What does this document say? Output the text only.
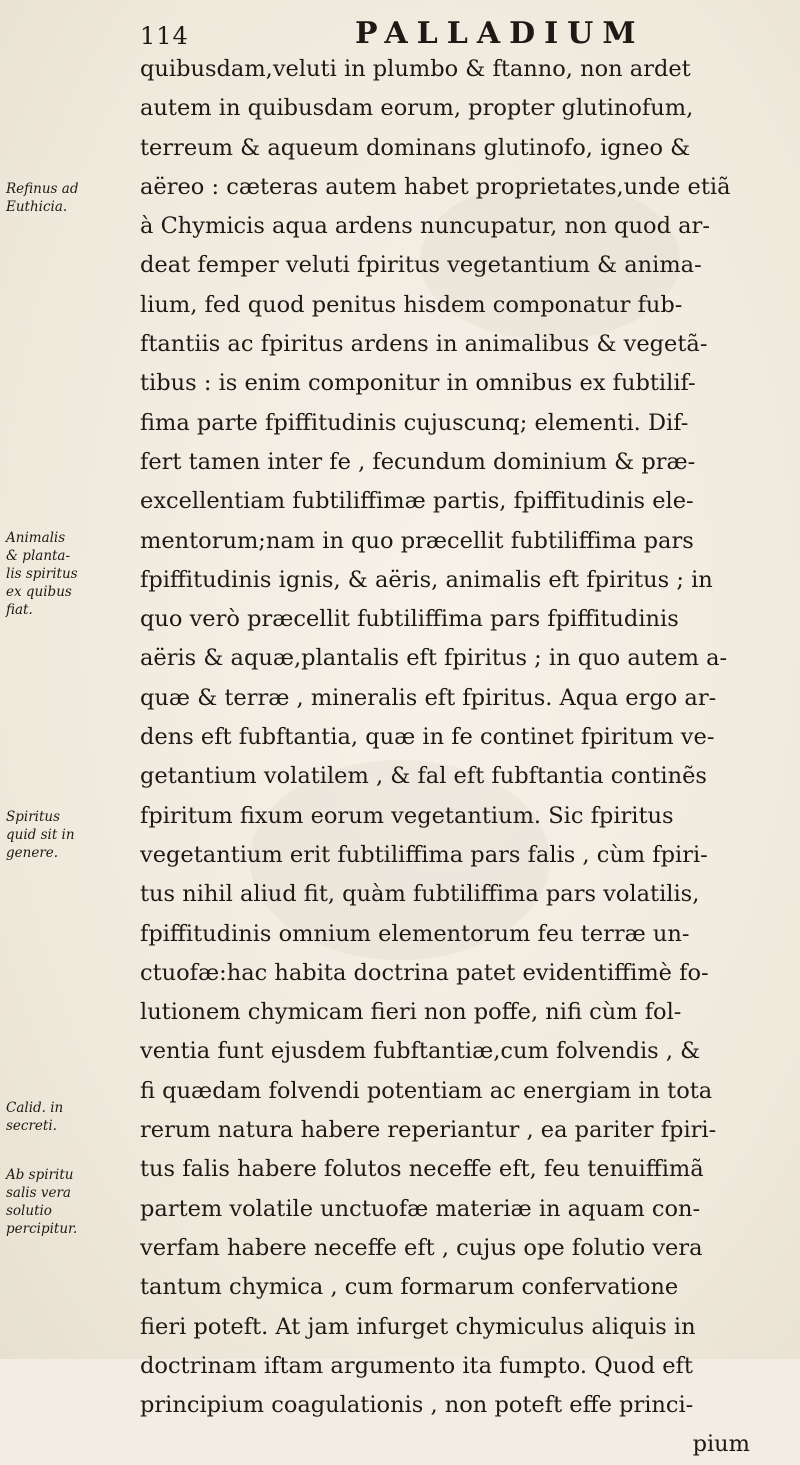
114	PALLADIUM
Refinus ad
Euthicia.
Animalis
& planta-
lis spiritus
ex quibus
fiat.
Spiritus
quid sit in
genere.
Calid. in
secreti.
quibusdam,veluti in plumbo & ftanno, non ardet
autem in quibusdam eorum, propter glutinofum,
terreum & aqueum dominans glutinofo, igneo &
aëreo : cæteras autem habet proprietates,unde etiã
à Chymicis aqua ardens nuncupatur, non quod ar-
deat femper veluti fpiritus vegetantium & anima-
lium, fed quod penitus hisdem componatur fub-
ftantiis ac fpiritus ardens in animalibus & vegetã-
tibus : is enim componitur in omnibus ex fubtilif-
fima parte fpiffitudinis cujuscunq; elementi. Dif-
fert tamen inter fe , fecundum dominium & præ-
excellentiam fubtiliffimæ partis, fpiffitudinis ele-
mentorum;nam in quo præcellit fubtiliffima pars
fpiffitudinis ignis, & aëris, animalis eft fpiritus ; in
quo verò præcellit fubtiliffima pars fpiffitudinis
aëris & aquæ,plantalis eft fpiritus ; in quo autem a-
quæ & terræ , mineralis eft fpiritus. Aqua ergo ar-
dens eft fubftantia, quæ in fe continet fpiritum ve-
getantium volatilem , & fal eft fubftantia continẽs
fpiritum fixum eorum vegetantium. Sic fpiritus
vegetantium erit fubtiliffima pars falis , cùm fpiri-
tus nihil aliud fit, quàm fubtiliffima pars volatilis,
fpiffitudinis omnium elementorum feu terræ un-
ctuofæ:hac habita doctrina patet evidentiffimè fo-
lutionem chymicam fieri non poffe, nifi cùm fol-
ventia funt ejusdem fubftantiæ,cum folvendis , &
fi quædam folvendi potentiam ac energiam in tota
rerum natura habere reperiantur , ea pariter fpiri-
tus falis habere folutos neceffe eft, feu tenuiffimã
partem volatile unctuofæ materiæ in aquam con-
verfam habere neceffe eft , cujus ope folutio vera
tantum chymica , cum formarum confervatione
fieri poteft. At jam infurget chymiculus aliquis in
doctrinam iftam argumento ita fumpto. Quod eft
principium coagulationis , non poteft effe princi-
pium
Ab spiritu
salis vera
solutio
percipitur.
